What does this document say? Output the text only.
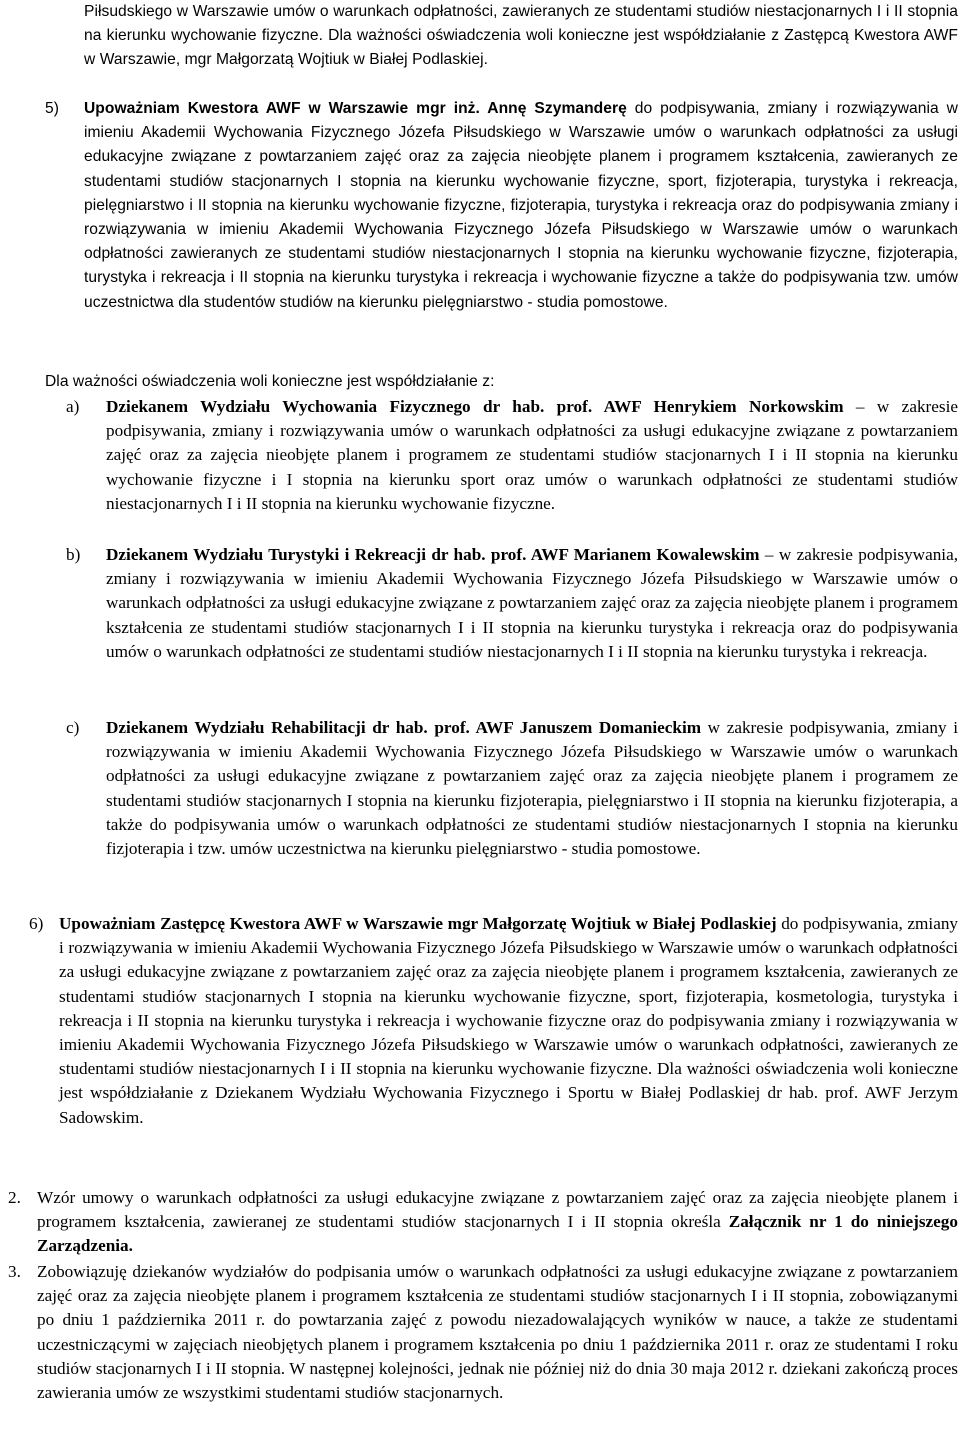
Piłsudskiego w Warszawie umów o warunkach odpłatności, zawieranych ze studentami studiów niestacjonarnych I i II stopnia na kierunku wychowanie fizyczne. Dla ważności oświadczenia woli konieczne jest współdziałanie z Zastępcą Kwestora AWF w Warszawie, mgr Małgorzatą Wojtiuk w Białej Podlaskiej.

5) Upoważniam Kwestora AWF w Warszawie mgr inż. Annę Szymanderę do podpisywania, zmiany i rozwiązywania w imieniu Akademii Wychowania Fizycznego Józefa Piłsudskiego w Warszawie umów o warunkach odpłatności za usługi edukacyjne związane z powtarzaniem zajęć oraz za zajęcia nieobjęte planem i programem kształcenia, zawieranych ze studentami studiów stacjonarnych I stopnia na kierunku wychowanie fizyczne, sport, fizjoterapia, turystyka i rekreacja, pielęgniarstwo i II stopnia na kierunku wychowanie fizyczne, fizjoterapia, turystyka i rekreacja oraz do podpisywania zmiany i rozwiązywania w imieniu Akademii Wychowania Fizycznego Józefa Piłsudskiego w Warszawie umów o warunkach odpłatności zawieranych ze studentami studiów niestacjonarnych I stopnia na kierunku wychowanie fizyczne, fizjoterapia, turystyka i rekreacja i II stopnia na kierunku turystyka i rekreacja i wychowanie fizyczne a także do podpisywania tzw. umów uczestnictwa dla studentów studiów na kierunku pielęgniarstwo - studia pomostowe.

Dla ważności oświadczenia woli konieczne jest współdziałanie z:

a) Dziekanem Wydziału Wychowania Fizycznego dr hab. prof. AWF Henrykiem Norkowskim – w zakresie podpisywania, zmiany i rozwiązywania umów o warunkach odpłatności za usługi edukacyjne związane z powtarzaniem zajęć oraz za zajęcia nieobjęte planem i programem ze studentami studiów stacjonarnych I i II stopnia na kierunku wychowanie fizyczne i I stopnia na kierunku sport oraz umów o warunkach odpłatności ze studentami studiów niestacjonarnych I i II stopnia na kierunku wychowanie fizyczne.

b) Dziekanem Wydziału Turystyki i Rekreacji dr hab. prof. AWF Marianem Kowalewskim – w zakresie podpisywania, zmiany i rozwiązywania w imieniu Akademii Wychowania Fizycznego Józefa Piłsudskiego w Warszawie umów o warunkach odpłatności za usługi edukacyjne związane z powtarzaniem zajęć oraz za zajęcia nieobjęte planem i programem kształcenia ze studentami studiów stacjonarnych I i II stopnia na kierunku turystyka i rekreacja oraz do podpisywania umów o warunkach odpłatności ze studentami studiów niestacjonarnych I i II stopnia na kierunku turystyka i rekreacja.

c) Dziekanem Wydziału Rehabilitacji dr hab. prof. AWF Januszem Domanieckim w zakresie podpisywania, zmiany i rozwiązywania w imieniu Akademii Wychowania Fizycznego Józefa Piłsudskiego w Warszawie umów o warunkach odpłatności za usługi edukacyjne związane z powtarzaniem zajęć oraz za zajęcia nieobjęte planem i programem ze studentami studiów stacjonarnych I stopnia na kierunku fizjoterapia, pielęgniarstwo i II stopnia na kierunku fizjoterapia, a także do podpisywania umów o warunkach odpłatności ze studentami studiów niestacjonarnych I stopnia na kierunku fizjoterapia i tzw. umów uczestnictwa na kierunku pielęgniarstwo - studia pomostowe.

6) Upoważniam Zastępcę Kwestora AWF w Warszawie mgr Małgorzatę Wojtiuk w Białej Podlaskiej do podpisywania, zmiany i rozwiązywania w imieniu Akademii Wychowania Fizycznego Józefa Piłsudskiego w Warszawie umów o warunkach odpłatności za usługi edukacyjne związane z powtarzaniem zajęć oraz za zajęcia nieobjęte planem i programem kształcenia, zawieranych ze studentami studiów stacjonarnych I stopnia na kierunku wychowanie fizyczne, sport, fizjoterapia, kosmetologia, turystyka i rekreacja i II stopnia na kierunku turystyka i rekreacja i wychowanie fizyczne oraz do podpisywania zmiany i rozwiązywania w imieniu Akademii Wychowania Fizycznego Józefa Piłsudskiego w Warszawie umów o warunkach odpłatności, zawieranych ze studentami studiów niestacjonarnych I i II stopnia na kierunku wychowanie fizyczne. Dla ważności oświadczenia woli konieczne jest współdziałanie z Dziekanem Wydziału Wychowania Fizycznego i Sportu w Białej Podlaskiej dr hab. prof. AWF Jerzym Sadowskim.

2. Wzór umowy o warunkach odpłatności za usługi edukacyjne związane z powtarzaniem zajęć oraz za zajęcia nieobjęte planem i programem kształcenia, zawieranej ze studentami studiów stacjonarnych I i II stopnia określa Załącznik nr 1 do niniejszego Zarządzenia.

3. Zobowiązuję dziekanów wydziałów do podpisania umów o warunkach odpłatności za usługi edukacyjne związane z powtarzaniem zajęć oraz za zajęcia nieobjęte planem i programem kształcenia ze studentami studiów stacjonarnych I i II stopnia, zobowiązanymi po dniu 1 października 2011 r. do powtarzania zajęć z powodu niezadowalających wyników w nauce, a także ze studentami uczestniczącymi w zajęciach nieobjętych planem i programem kształcenia po dniu 1 października 2011 r. oraz ze studentami I roku studiów stacjonarnych I i II stopnia. W następnej kolejności, jednak nie później niż do dnia 30 maja 2012 r. dziekani zakończą proces zawierania umów ze wszystkimi studentami studiów stacjonarnych.
